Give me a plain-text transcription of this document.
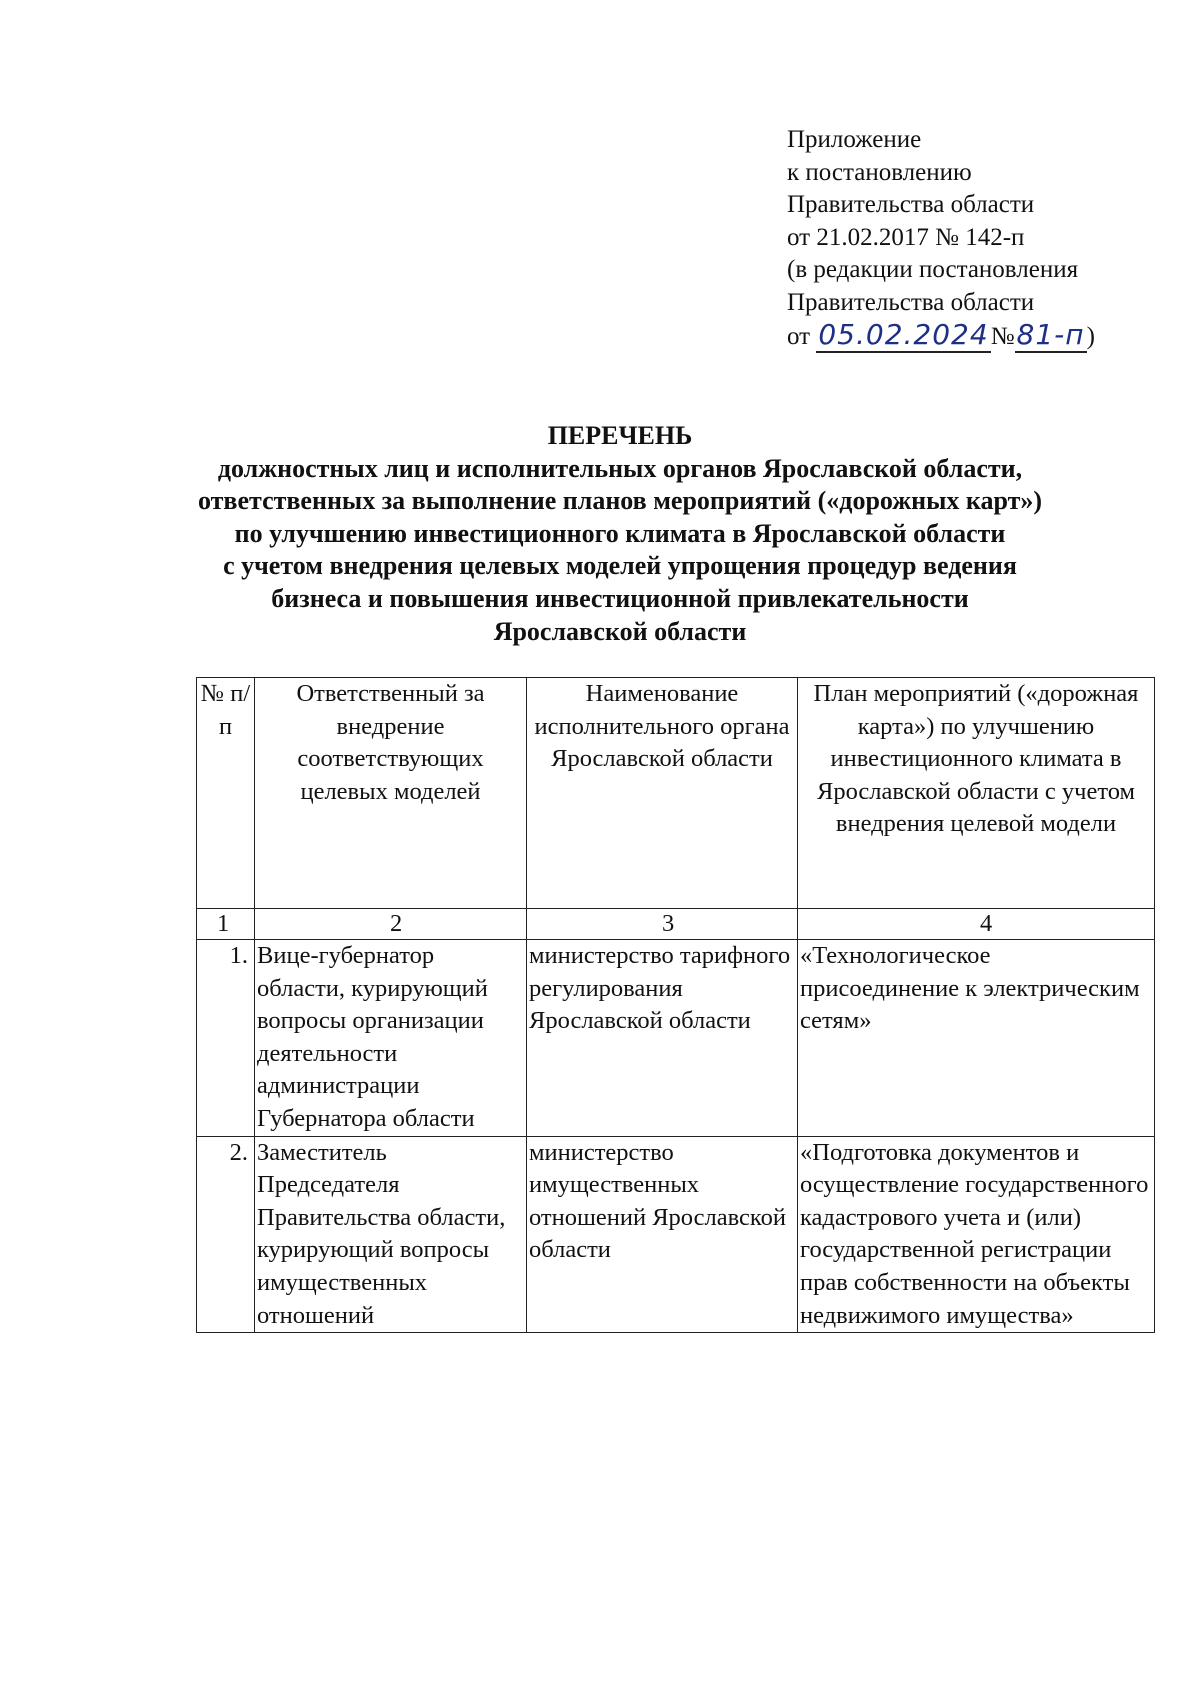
Приложение
к постановлению
Правительства области
от 21.02.2017 № 142-п
(в редакции постановления
Правительства области
от 05.02.2024№81-п)
ПЕРЕЧЕНЬ
должностных лиц и исполнительных органов Ярославской области,
ответственных за выполнение планов мероприятий («дорожных карт»)
по улучшению инвестиционного климата в Ярославской области
с учетом внедрения целевых моделей упрощения процедур ведения
бизнеса и повышения инвестиционной привлекательности
Ярославской области
№ п/п	Ответственный за внедрение соответствующих целевых моделей	Наименование исполнительного органа Ярославской области	План мероприятий («дорожная карта») по улучшению инвестиционного климата в Ярославской области с учетом внедрения целевой модели
1	2	3	4
1.	Вице-губернатор области, курирующий вопросы организации деятельности администрации Губернатора области	министерство тарифного регулирования Ярославской области	«Технологическое присоединение к электрическим сетям»
2.	Заместитель Председателя Правительства области, курирующий вопросы имущественных отношений	министерство имущественных отношений Ярославской области	«Подготовка документов и осуществление государственного кадастрового учета и (или) государственной регистрации прав собственности на объекты недвижимого имущества»
